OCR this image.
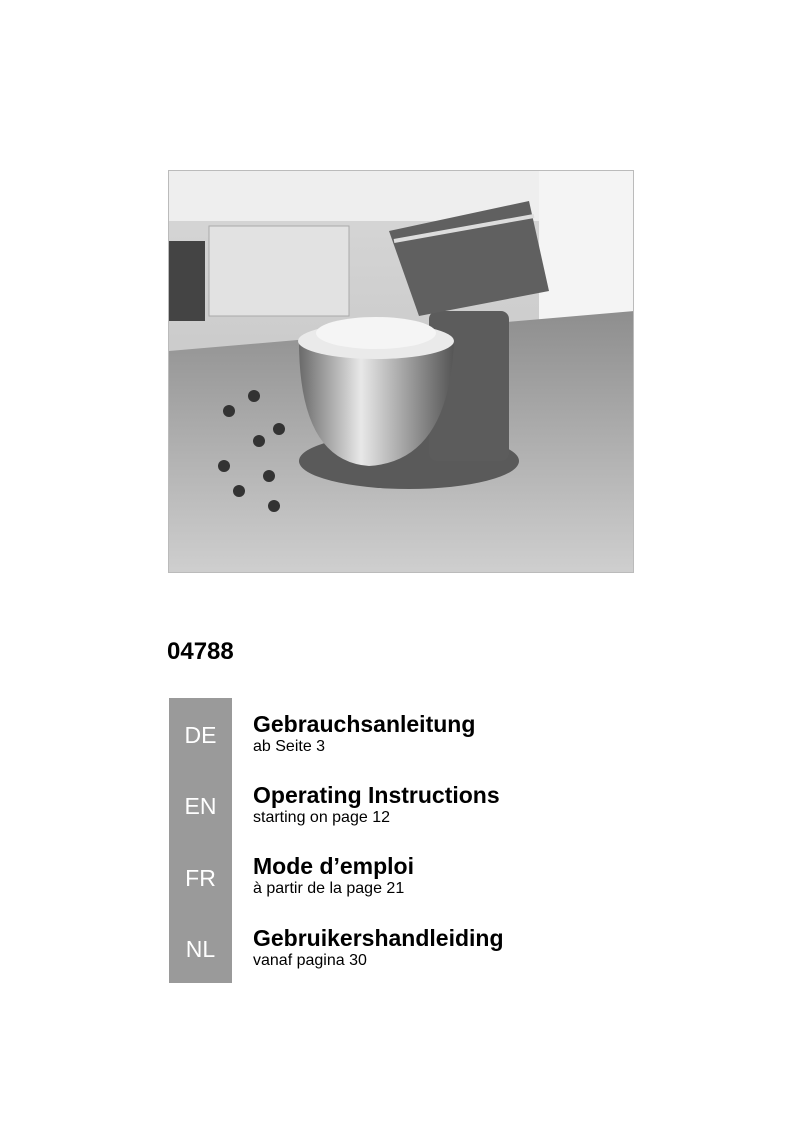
04788
DE
EN
FR
NL
Gebrauchsanleitung
ab Seite 3
Operating Instructions
starting on page 12
Mode d’emploi
à partir de la page 21
Gebruikershandleiding
vanaf pagina 30
